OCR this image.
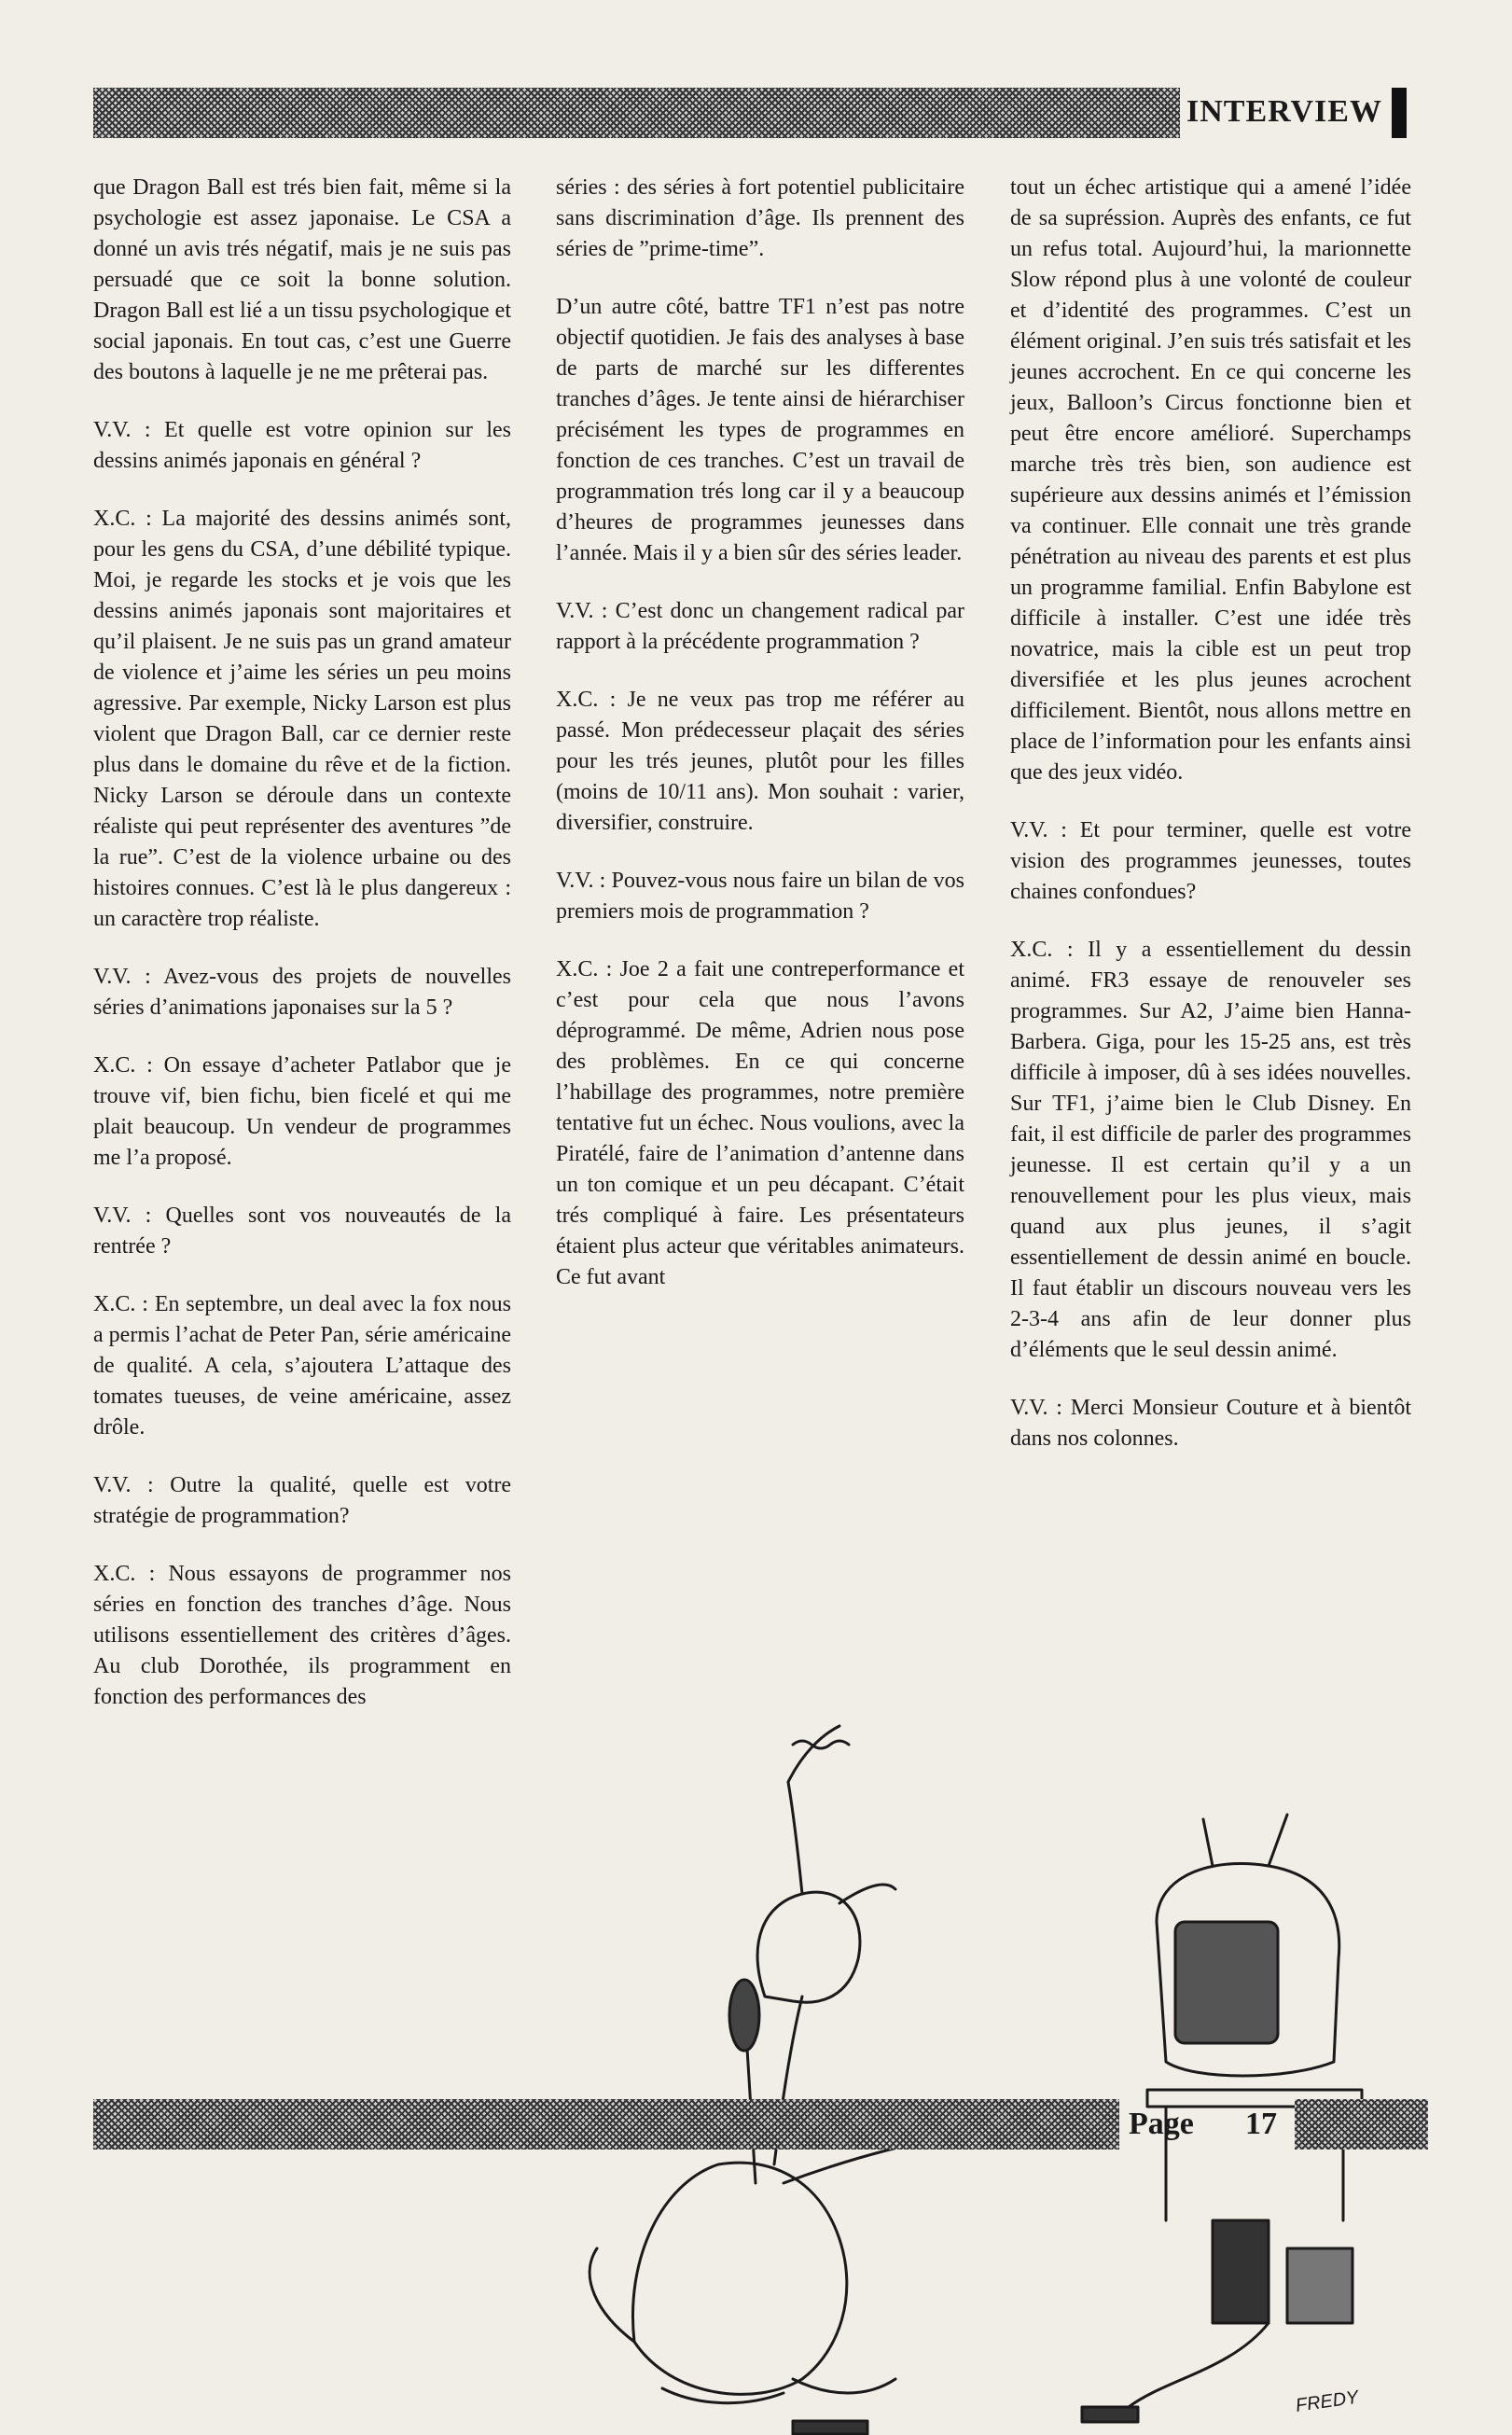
INTERVIEW

que Dragon Ball est trés bien fait, même si la psychologie est assez japonaise. Le CSA a donné un avis trés négatif, mais je ne suis pas persuadé que ce soit la bonne solution. Dragon Ball est lié a un tissu psychologique et social japonais. En tout cas, c’est une Guerre des boutons à laquelle je ne me prêterai pas.

V.V. : Et quelle est votre opinion sur les dessins animés japonais en général ?

X.C. : La majorité des dessins animés sont, pour les gens du CSA, d’une débilité typique. Moi, je regarde les stocks et je vois que les dessins animés japonais sont majoritaires et qu’il plaisent. Je ne suis pas un grand amateur de violence et j’aime les séries un peu moins agressive. Par exemple, Nicky Larson est plus violent que Dragon Ball, car ce dernier reste plus dans le domaine du rêve et de la fiction. Nicky Larson se déroule dans un contexte réaliste qui peut représenter des aventures ”de la rue”. C’est de la violence urbaine ou des histoires connues. C’est là le plus dangereux : un caractère trop réaliste.

V.V. : Avez-vous des projets de nouvelles séries d’animations japonaises sur la 5 ?

X.C. : On essaye d’acheter Patlabor que je trouve vif, bien fichu, bien ficelé et qui me plait beaucoup. Un vendeur de programmes me l’a proposé.

V.V. : Quelles sont vos nouveautés de la rentrée ?

X.C. : En septembre, un deal avec la fox nous a permis l’achat de Peter Pan, série américaine de qualité. A cela, s’ajoutera L’attaque des tomates tueuses, de veine américaine, assez drôle.

V.V. : Outre la qualité, quelle est votre stratégie de programmation?

X.C. : Nous essayons de programmer nos séries en fonction des tranches d’âge. Nous utilisons essentiellement des critères d’âges. Au club Dorothée, ils programment en fonction des performances des

séries : des séries à fort potentiel publicitaire sans discrimination d’âge. Ils prennent des séries de ”prime-time”.

D’un autre côté, battre TF1 n’est pas notre objectif quotidien. Je fais des analyses à base de parts de marché sur les differentes tranches d’âges. Je tente ainsi de hiérarchiser précisément les types de programmes en fonction de ces tranches. C’est un travail de programmation trés long car il y a beaucoup d’heures de programmes jeunesses dans l’année. Mais il y a bien sûr des séries leader.

V.V. : C’est donc un changement radical par rapport à la précédente programmation ?

X.C. : Je ne veux pas trop me référer au passé. Mon prédecesseur plaçait des séries pour les trés jeunes, plutôt pour les filles (moins de 10/11 ans). Mon souhait : varier, diversifier, construire.

V.V. : Pouvez-vous nous faire un bilan de vos premiers mois de programmation ?

X.C. : Joe 2 a fait une contreperformance et c’est pour cela que nous l’avons déprogrammé. De même, Adrien nous pose des problèmes. En ce qui concerne l’habillage des programmes, notre première tentative fut un échec. Nous voulions, avec la Piratélé, faire de l’animation d’antenne dans un ton comique et un peu décapant. C’était trés compliqué à faire. Les présentateurs étaient plus acteur que véritables animateurs. Ce fut avant

tout un échec artistique qui a amené l’idée de sa supréssion. Auprès des enfants, ce fut un refus total. Aujourd’hui, la marionnette Slow répond plus à une volonté de couleur et d’identité des programmes. C’est un élément original. J’en suis trés satisfait et les jeunes accrochent. En ce qui concerne les jeux, Balloon’s Circus fonctionne bien et peut être encore amélioré. Superchamps marche très très bien, son audience est supérieure aux dessins animés et l’émission va continuer. Elle connait une très grande pénétration au niveau des parents et est plus un programme familial. Enfin Babylone est difficile à installer. C’est une idée très novatrice, mais la cible est un peut trop diversifiée et les plus jeunes acrochent difficilement. Bientôt, nous allons mettre en place de l’information pour les enfants ainsi que des jeux vidéo.

V.V. : Et pour terminer, quelle est votre vision des programmes jeunesses, toutes chaines confondues?

X.C. : Il y a essentiellement du dessin animé. FR3 essaye de renouveler ses programmes. Sur A2, J’aime bien Hanna-Barbera. Giga, pour les 15-25 ans, est très difficile à imposer, dû à ses idées nouvelles. Sur TF1, j’aime bien le Club Disney. En fait, il est difficile de parler des programmes jeunesse. Il est certain qu’il y a un renouvellement pour les plus vieux, mais quand aux plus jeunes, il s’agit essentiellement de dessin animé en boucle. Il faut établir un discours nouveau vers les 2-3-4 ans afin de leur donner plus d’éléments que le seul dessin animé.

V.V. : Merci Monsieur Couture et à bientôt dans nos colonnes.

FREDY
Page 17
